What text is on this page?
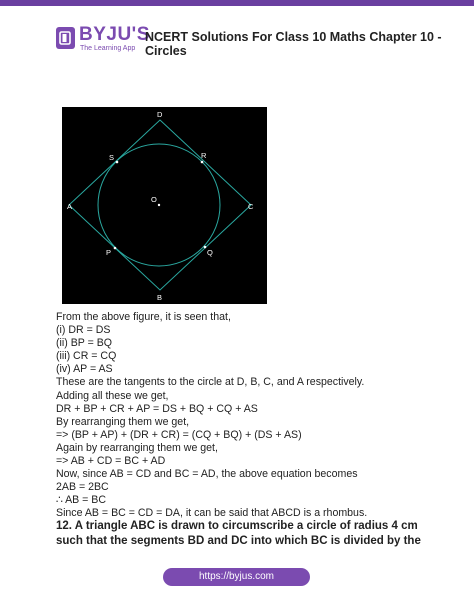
BYJU'S
The Learning App
NCERT Solutions For Class 10 Maths Chapter 10 - Circles
D
S	R
O
A	C
P	Q
B
From the above figure, it is seen that,
(i) DR = DS
(ii) BP = BQ
(iii) CR = CQ
(iv) AP = AS
These are the tangents to the circle at D, B, C, and A respectively.
Adding all these we get,
DR + BP + CR + AP = DS + BQ + CQ + AS
By rearranging them we get,
=> (BP + AP) + (DR + CR) = (CQ + BQ) + (DS + AS)
Again by rearranging them we get,
=> AB + CD = BC + AD
Now, since AB = CD and BC = AD, the above equation becomes
2AB = 2BC
∴ AB = BC
Since AB = BC = CD = DA, it can be said that ABCD is a rhombus.
12. A triangle ABC is drawn to circumscribe a circle of radius 4 cm
such that the segments BD and DC into which BC is divided by the
https://byjus.com
